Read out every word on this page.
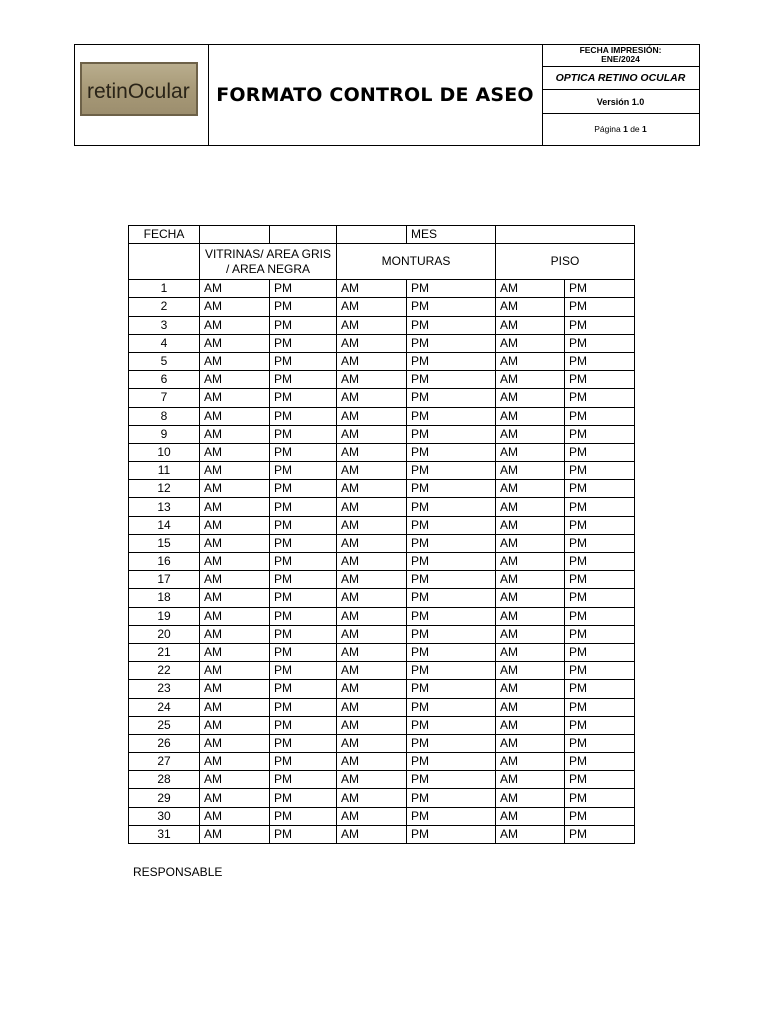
retinOcular FORMATO CONTROL DE ASEO
FECHA IMPRESIÓN:
ENE/2024
OPTICA RETINO OCULAR
Versión 1.0
Página 1 de 1
FECHA				MES		
	VITRINAS/ AREA GRIS / AREA NEGRA		MONTURAS		PISO	
1	AM	PM	AM	PM	AM	PM
2	AM	PM	AM	PM	AM	PM
3	AM	PM	AM	PM	AM	PM
4	AM	PM	AM	PM	AM	PM
5	AM	PM	AM	PM	AM	PM
6	AM	PM	AM	PM	AM	PM
7	AM	PM	AM	PM	AM	PM
8	AM	PM	AM	PM	AM	PM
9	AM	PM	AM	PM	AM	PM
10	AM	PM	AM	PM	AM	PM
11	AM	PM	AM	PM	AM	PM
12	AM	PM	AM	PM	AM	PM
13	AM	PM	AM	PM	AM	PM
14	AM	PM	AM	PM	AM	PM
15	AM	PM	AM	PM	AM	PM
16	AM	PM	AM	PM	AM	PM
17	AM	PM	AM	PM	AM	PM
18	AM	PM	AM	PM	AM	PM
19	AM	PM	AM	PM	AM	PM
20	AM	PM	AM	PM	AM	PM
21	AM	PM	AM	PM	AM	PM
22	AM	PM	AM	PM	AM	PM
23	AM	PM	AM	PM	AM	PM
24	AM	PM	AM	PM	AM	PM
25	AM	PM	AM	PM	AM	PM
26	AM	PM	AM	PM	AM	PM
27	AM	PM	AM	PM	AM	PM
28	AM	PM	AM	PM	AM	PM
29	AM	PM	AM	PM	AM	PM
30	AM	PM	AM	PM	AM	PM
31	AM	PM	AM	PM	AM	PM
RESPONSABLE
